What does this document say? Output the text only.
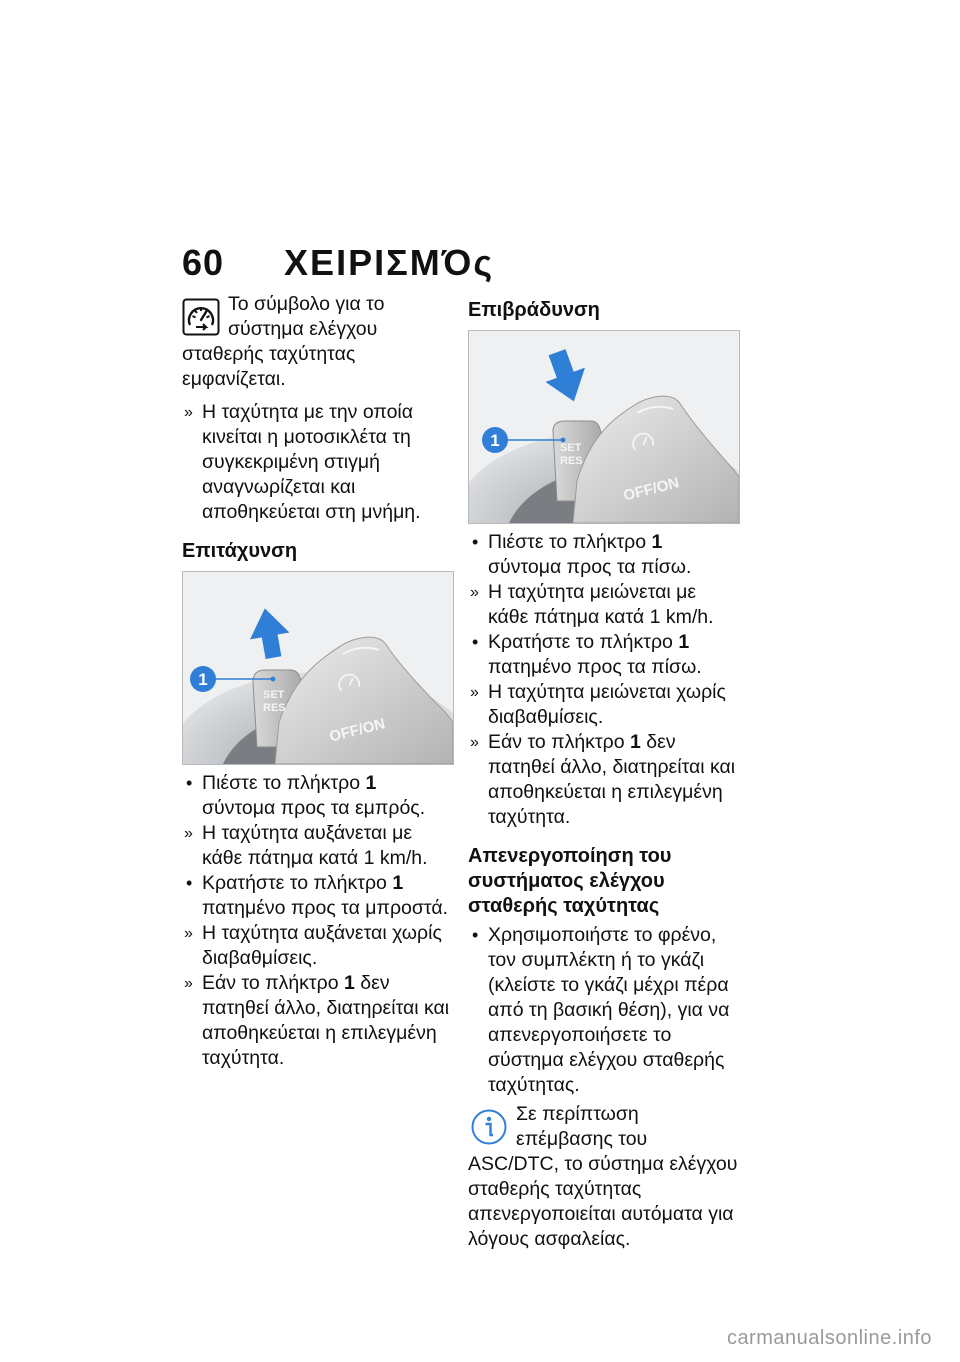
60 ΧΕΙΡΙΣΜΌς

Το σύμβολο για το σύστημα ελέγχου σταθερής ταχύτητας εμφανίζεται.

» Η ταχύτητα με την οποία κινείται η μοτοσικλέτα τη συγκεκριμένη στιγμή αναγνωρίζεται και αποθηκεύεται στη μνήμη.

Επιτάχυνση
1
SET
RES
OFF/ON

• Πιέστε το πλήκτρο 1 σύντομα προς τα εμπρός.

» Η ταχύτητα αυξάνεται με κάθε πάτημα κατά 1 km/h.

• Κρατήστε το πλήκτρο 1 πατημένο προς τα μπροστά.

» Η ταχύτητα αυξάνεται χωρίς διαβαθμίσεις.

» Εάν το πλήκτρο 1 δεν πατηθεί άλλο, διατηρείται και αποθηκεύεται η επιλεγμένη ταχύτητα.

Επιβράδυνση
1	SET
RES
OFF/ON

• Πιέστε το πλήκτρο 1 σύντομα προς τα πίσω.

» Η ταχύτητα μειώνεται με κάθε πάτημα κατά 1 km/h.

• Κρατήστε το πλήκτρο 1 πατημένο προς τα πίσω.

» Η ταχύτητα μειώνεται χωρίς διαβαθμίσεις.

» Εάν το πλήκτρο 1 δεν πατηθεί άλλο, διατηρείται και αποθηκεύεται η επιλεγμένη ταχύτητα.

Απενεργοποίηση του συστήματος ελέγχου σταθερής ταχύτητας

• Χρησιμοποιήστε το φρένο, τον συμπλέκτη ή το γκάζι (κλείστε το γκάζι μέχρι πέρα από τη βασική θέση), για να απενεργοποιήσετε το σύστημα ελέγχου σταθερής ταχύτητας.

Σε περίπτωση επέμβασης του ASC/DTC, το σύστημα ελέγχου σταθερής ταχύτητας απενεργοποιείται αυτόματα για λόγους ασφαλείας.

carmanualsonline.info
